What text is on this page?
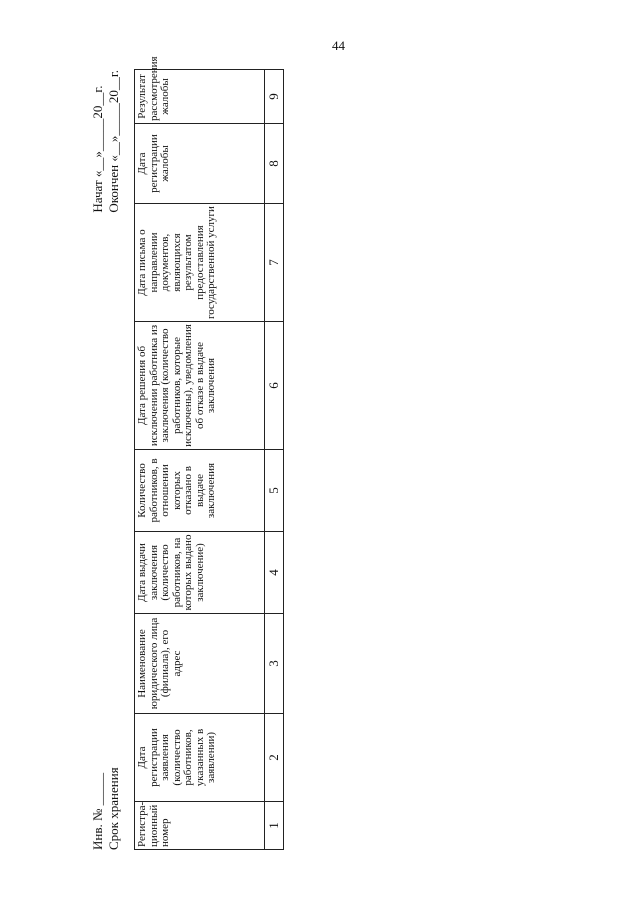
44
Инв. № _____ Срок хранения
Начат «__»_____20__г. Окончен «__»_____20__г.
Регистра-ционный номер	Дата регистрации заявления (количество работников, указанных в заявлении)	Наименование юридического лица (филиала), его адрес	Дата выдачи заключения (количество работников, на которых выдано заключение)	Количество работников, в отношении которых отказано в выдаче заключения	Дата решения об исключении работника из заключения (количество работников, которые исключены), уведомления об отказе в выдаче заключения	Дата письма о направлении документов, являющихся результатом предоставления государственной услуги	Дата регистрации жалобы	Результат рассмотрения жалобы
1	2	3	4	5	6	7	8	9
